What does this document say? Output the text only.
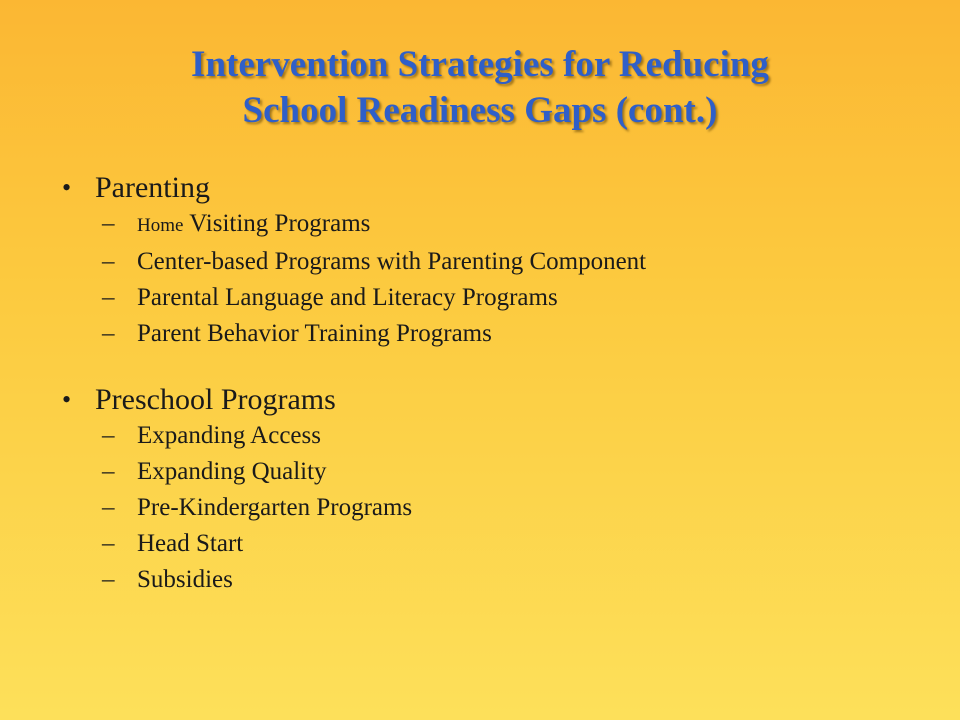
Intervention Strategies for Reducing
School Readiness Gaps (cont.)
• Parenting
– Home Visiting Programs
– Center-based Programs with Parenting Component
– Parental Language and Literacy Programs
– Parent Behavior Training Programs
• Preschool Programs
– Expanding Access
– Expanding Quality
– Pre-Kindergarten Programs
– Head Start
– Subsidies
